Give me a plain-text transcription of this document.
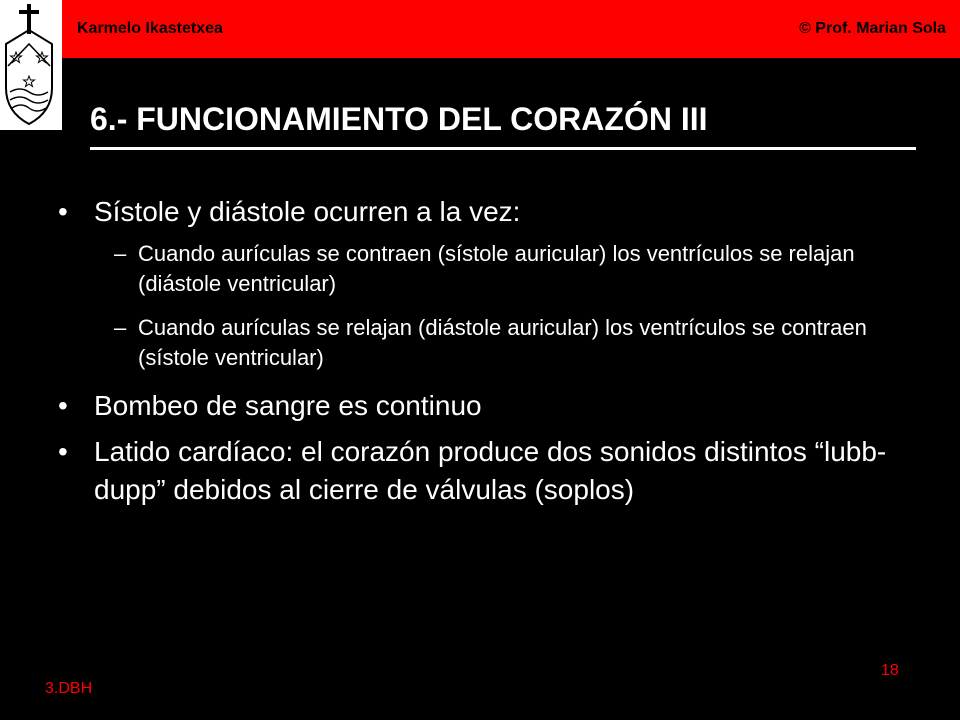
Karmelo Ikastetxea	© Prof. Marian Sola
6.- FUNCIONAMIENTO DEL CORAZÓN III
• Sístole y diástole ocurren a la vez:
– Cuando aurículas se contraen (sístole auricular) los ventrículos se relajan (diástole ventricular)
– Cuando aurículas se relajan (diástole auricular) los ventrículos se contraen (sístole ventricular)
• Bombeo de sangre es continuo
• Latido cardíaco: el corazón produce dos sonidos distintos “lubb-dupp” debidos al cierre de válvulas (soplos)
18
3.DBH
